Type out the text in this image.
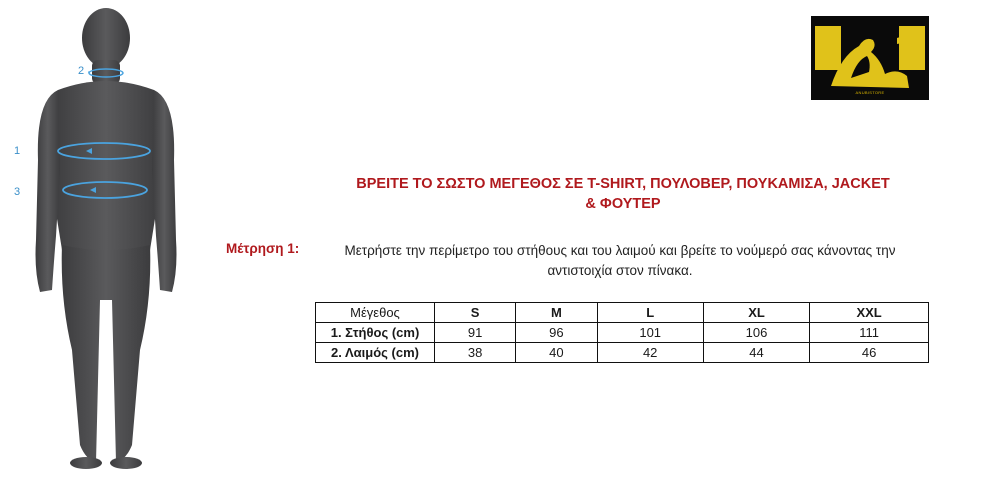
2
1
3
ANUBISTORE
ΒΡΕΙΤΕ ΤΟ ΣΩΣΤΟ ΜΕΓΕΘΟΣ ΣΕ T-SHIRT, ΠΟΥΛΟΒΕΡ, ΠΟΥΚΑΜΙΣΑ, JACKET
& ΦΟΥΤΕΡ
Μέτρηση 1:	Μετρήστε την περίμετρο του στήθους και του λαιμού και βρείτε το νούμερό σας κάνοντας την αντιστοιχία στον πίνακα.
Μέγεθος	S	M	L	XL	XXL
1. Στήθος (cm)	91	96	101	106	111
2. Λαιμός (cm)	38	40	42	44	46
